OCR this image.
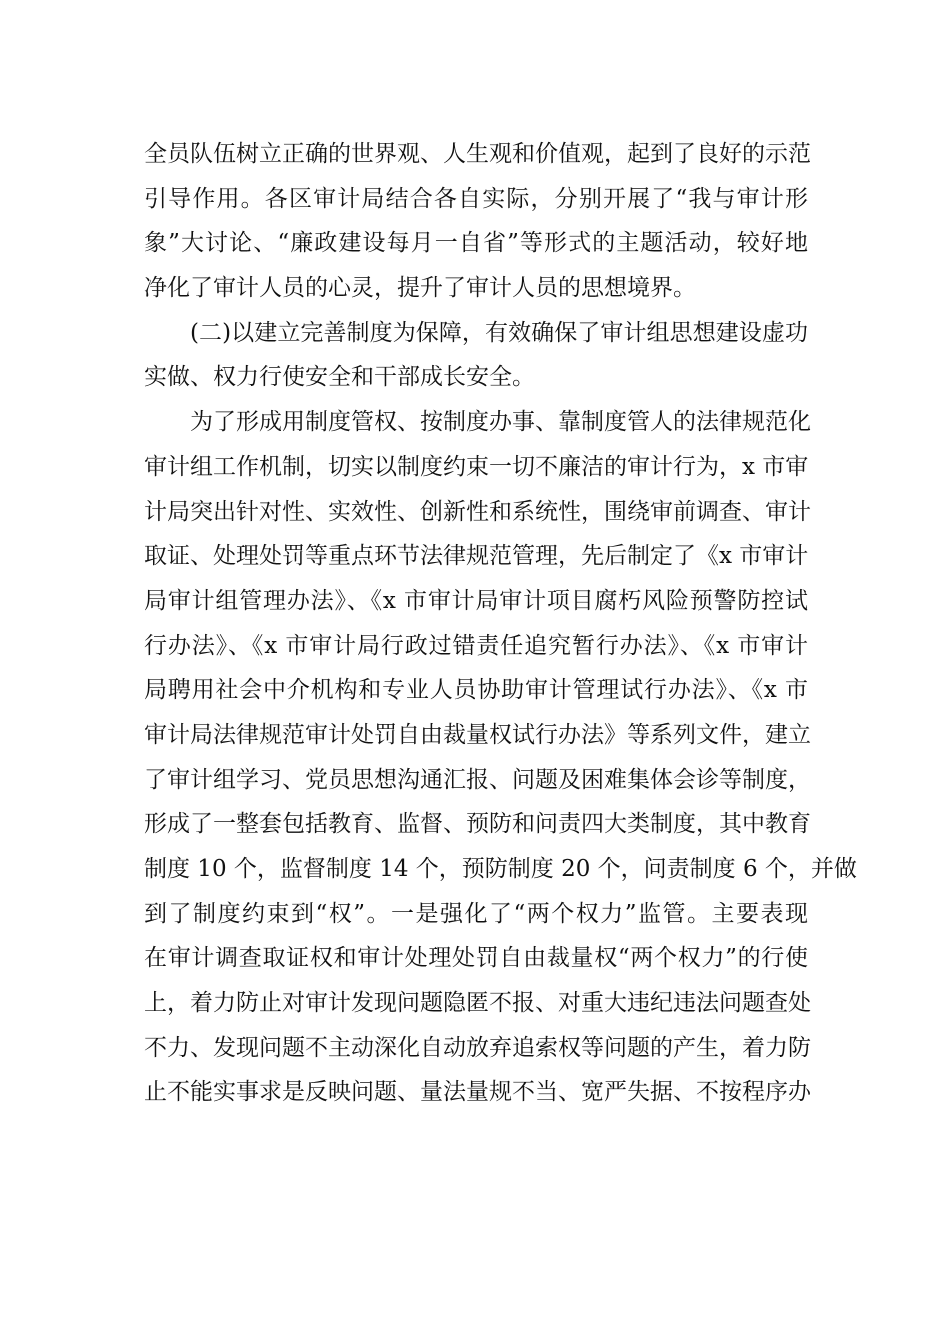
全员队伍树立正确的世界观、人生观和价值观，起到了良好的示范
引导作用。各区审计局结合各自实际，分别开展了“我与审计形
象”大讨论、“廉政建设每月一自省”等形式的主题活动，较好地
净化了审计人员的心灵，提升了审计人员的思想境界。
(二)以建立完善制度为保障，有效确保了审计组思想建设虚功
实做、权力行使安全和干部成长安全。
为了形成用制度管权、按制度办事、靠制度管人的法律规范化
审计组工作机制，切实以制度约束一切不廉洁的审计行为，x 市审
计局突出针对性、实效性、创新性和系统性，围绕审前调查、审计
取证、处理处罚等重点环节法律规范管理，先后制定了《x 市审计
局审计组管理办法》、《x 市审计局审计项目腐朽风险预警防控试
行办法》、《x 市审计局行政过错责任追究暂行办法》、《x 市审计
局聘用社会中介机构和专业人员协助审计管理试行办法》、《x 市
审计局法律规范审计处罚自由裁量权试行办法》等系列文件，建立
了审计组学习、党员思想沟通汇报、问题及困难集体会诊等制度，
形成了一整套包括教育、监督、预防和问责四大类制度，其中教育
制度 10 个，监督制度 14 个，预防制度 20 个，问责制度 6 个，并做
到了制度约束到“权”。一是强化了“两个权力”监管。主要表现
在审计调查取证权和审计处理处罚自由裁量权“两个权力”的行使
上，着力防止对审计发现问题隐匿不报、对重大违纪违法问题查处
不力、发现问题不主动深化自动放弃追索权等问题的产生，着力防
止不能实事求是反映问题、量法量规不当、宽严失据、不按程序办
